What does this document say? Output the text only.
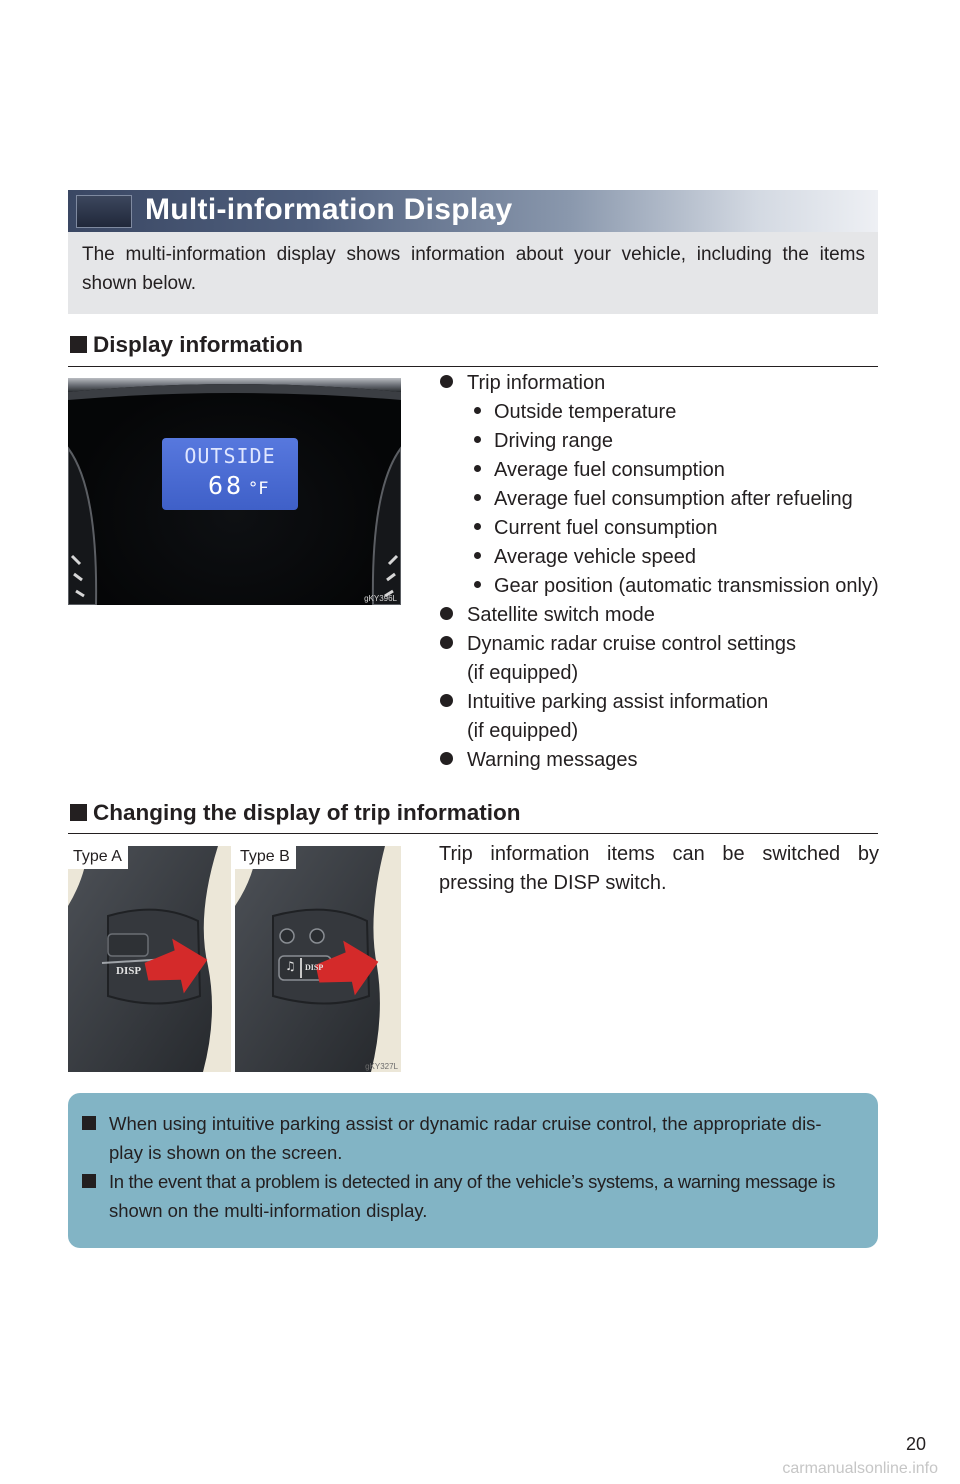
Multi-information Display
The multi-information display shows information about your vehicle, including the items shown below.
Display information
OUTSIDE
68 °F
gKY396L
Trip information
Outside temperature
Driving range
Average fuel consumption
Average fuel consumption after refueling
Current fuel consumption
Average vehicle speed
Gear position (automatic transmission only)
Satellite switch mode
Dynamic radar cruise control settings
(if equipped)
Intuitive parking assist information
(if equipped)
Warning messages
Changing the display of trip information
DISP
Type A
♫ DISP
Type B
gKY327L
Trip information items can be switched by pressing the DISP switch.
When using intuitive parking assist or dynamic radar cruise control, the appropriate dis-
play is shown on the screen.
In the event that a problem is detected in any of the vehicle’s systems, a warning message is
shown on the multi-information display.
20
carmanualsonline.info
